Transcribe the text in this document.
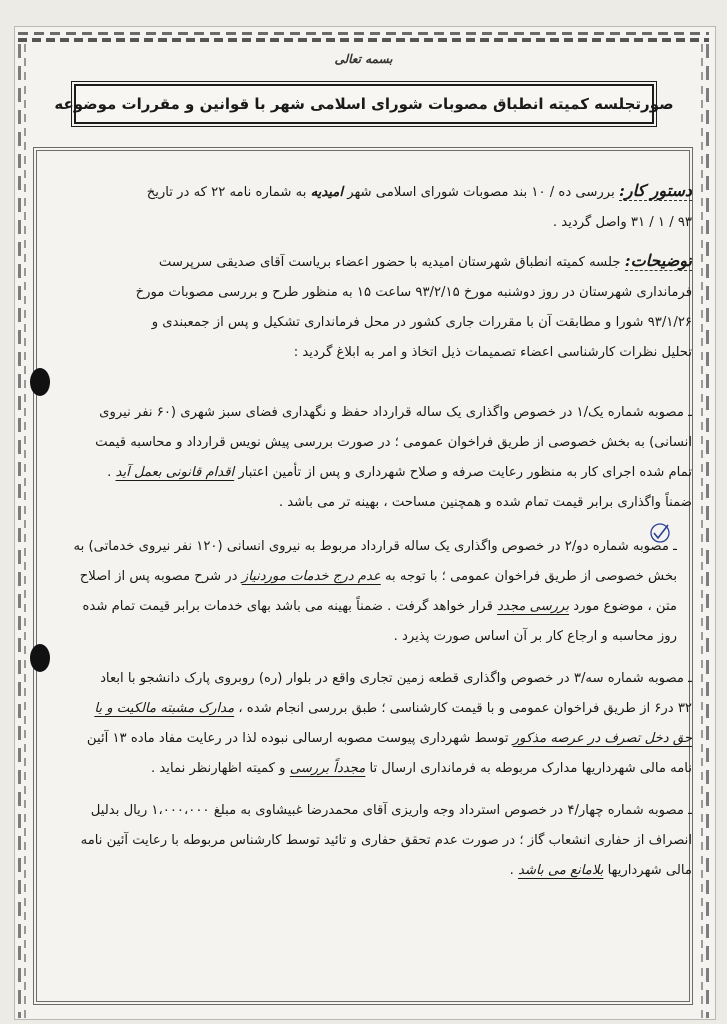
بسمه تعالی
صورتجلسه کمیته انطباق مصوبات شورای اسلامی شهر با قوانین و مقررات موضوعه
دستور کار: بررسی ده / ۱۰ بند مصوبات شورای اسلامی شهر امیدیه به شماره نامه ۲۲ که در تاریخ
۹۳ / ۱ / ۳۱ واصل گردید .
توضیحات: جلسه کمیته انطباق شهرستان امیدیه با حضور اعضاء بریاست آقای صدیقی سرپرست
فرمانداری شهرستان در روز دوشنبه مورخ ۹۳/۲/۱۵ ساعت ۱۵ به منظور طرح و بررسی مصوبات مورخ
۹۳/۱/۲۶ شورا و مطابقت آن با مقررات جاری کشور در محل فرمانداری تشکیل و پس از جمعبندی و
تحلیل نظرات کارشناسی اعضاء تصمیمات ذیل اتخاذ و امر به ابلاغ گردید :
ـ مصوبه شماره یک/۱ در خصوص واگذاری یک ساله قرارداد حفظ و نگهداری فضای سبز شهری (۶۰ نفر نیروی
انسانی) به بخش خصوصی از طریق فراخوان عمومی ؛ در صورت بررسی پیش نویس قرارداد و محاسبه قیمت
تمام شده اجرای کار به منظور رعایت صرفه و صلاح شهرداری و پس از تأمین اعتبار اقدام قانونی بعمل آید .
ضمناً واگذاری برابر قیمت تمام شده و همچنین مساحت ، بهینه تر می باشد .
ـ مصوبه شماره دو/۲ در خصوص واگذاری یک ساله قرارداد مربوط به نیروی انسانی (۱۲۰ نفر نیروی خدماتی) به
بخش خصوصی از طریق فراخوان عمومی ؛ با توجه به عدم درج خدمات موردنیاز در شرح مصوبه پس از اصلاح
متن ، موضوع مورد بررسی مجدد قرار خواهد گرفت . ضمناً بهینه می باشد بهای خدمات برابر قیمت تمام شده
روز محاسبه و ارجاع کار بر آن اساس صورت پذیرد .
ـ مصوبه شماره سه/۳ در خصوص واگذاری قطعه زمین تجاری واقع در بلوار (ره) روبروی پارک دانشجو با ابعاد
۳۲ در۶ از طریق فراخوان عمومی و با قیمت کارشناسی ؛ طبق بررسی انجام شده ، مدارک مشبته مالکیت و یا
حق دخل تصرف در عرصه مذکور توسط شهرداری پیوست مصوبه ارسالی نبوده لذا در رعایت مفاد ماده ۱۳ آئین
نامه مالی شهرداریها مدارک مربوطه به فرمانداری ارسال تا مجدداً بررسی و کمیته اظهارنظر نماید .
ـ مصوبه شماره چهار/۴ در خصوص استرداد وجه واریزی آقای محمدرضا غبیشاوی به مبلغ ۱،۰۰۰،۰۰۰ ریال بدلیل
انصراف از حفاری انشعاب گاز ؛ در صورت عدم تحقق حفاری و تائید توسط کارشناس مربوطه با رعایت آئین نامه
مالی شهرداریها بلامانع می باشد .
